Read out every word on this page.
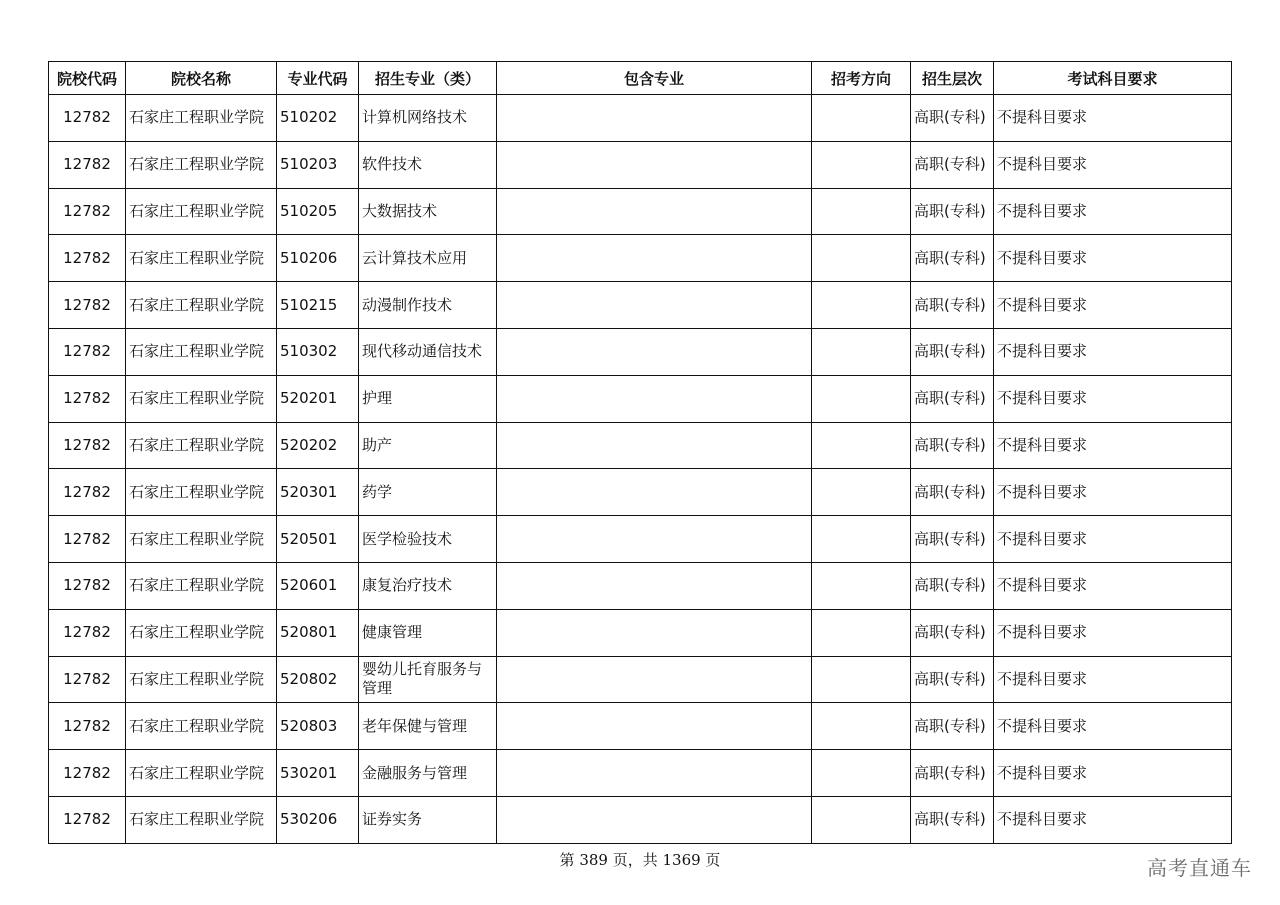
院校代码	院校名称	专业代码	招生专业（类）	包含专业	招考方向	招生层次	考试科目要求
12782	石家庄工程职业学院	510202	计算机网络技术			高职(专科)	不提科目要求
12782	石家庄工程职业学院	510203	软件技术			高职(专科)	不提科目要求
12782	石家庄工程职业学院	510205	大数据技术			高职(专科)	不提科目要求
12782	石家庄工程职业学院	510206	云计算技术应用			高职(专科)	不提科目要求
12782	石家庄工程职业学院	510215	动漫制作技术			高职(专科)	不提科目要求
12782	石家庄工程职业学院	510302	现代移动通信技术			高职(专科)	不提科目要求
12782	石家庄工程职业学院	520201	护理			高职(专科)	不提科目要求
12782	石家庄工程职业学院	520202	助产			高职(专科)	不提科目要求
12782	石家庄工程职业学院	520301	药学			高职(专科)	不提科目要求
12782	石家庄工程职业学院	520501	医学检验技术			高职(专科)	不提科目要求
12782	石家庄工程职业学院	520601	康复治疗技术			高职(专科)	不提科目要求
12782	石家庄工程职业学院	520801	健康管理			高职(专科)	不提科目要求
12782	石家庄工程职业学院	520802	婴幼儿托育服务与管理			高职(专科)	不提科目要求
12782	石家庄工程职业学院	520803	老年保健与管理			高职(专科)	不提科目要求
12782	石家庄工程职业学院	530201	金融服务与管理			高职(专科)	不提科目要求
12782	石家庄工程职业学院	530206	证券实务			高职(专科)	不提科目要求
第 389 页，共 1369 页	高考直通车
